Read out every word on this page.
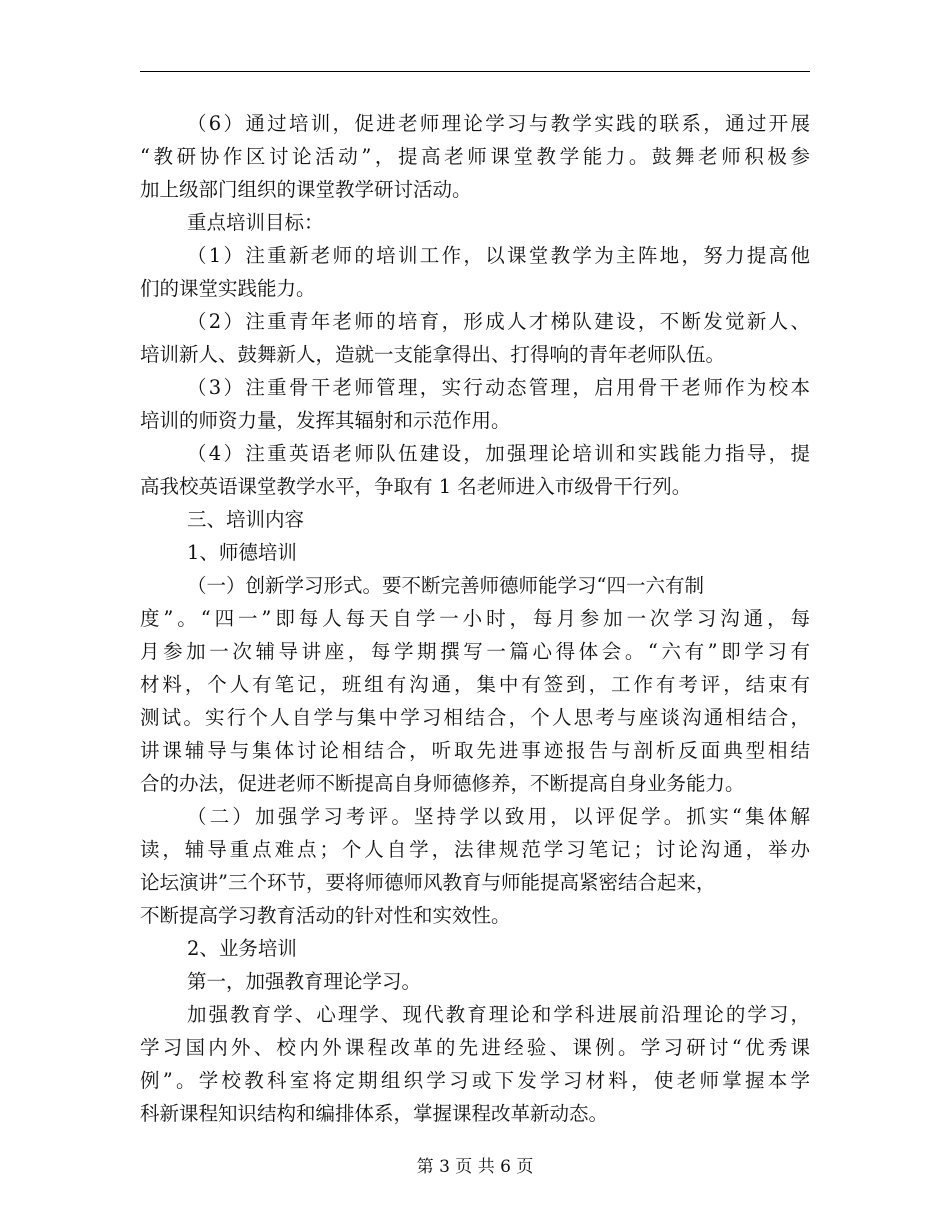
（6）通过培训，促进老师理论学习与教学实践的联系，通过开展
“教研协作区讨论活动”，提高老师课堂教学能力。鼓舞老师积极参
加上级部门组织的课堂教学研讨活动。
重点培训目标：
（1）注重新老师的培训工作，以课堂教学为主阵地，努力提高他
们的课堂实践能力。
（2）注重青年老师的培育，形成人才梯队建设，不断发觉新人、
培训新人、鼓舞新人，造就一支能拿得出、打得响的青年老师队伍。
（3）注重骨干老师管理，实行动态管理，启用骨干老师作为校本
培训的师资力量，发挥其辐射和示范作用。
（4）注重英语老师队伍建设，加强理论培训和实践能力指导，提
高我校英语课堂教学水平，争取有 1 名老师进入市级骨干行列。
三、培训内容
1、师德培训
（一）创新学习形式。要不断完善师德师能学习“四一六有制
度”。“四一”即每人每天自学一小时，每月参加一次学习沟通，每
月参加一次辅导讲座，每学期撰写一篇心得体会。“六有”即学习有
材料，个人有笔记，班组有沟通，集中有签到，工作有考评，结束有
测试。实行个人自学与集中学习相结合，个人思考与座谈沟通相结合，
讲课辅导与集体讨论相结合，听取先进事迹报告与剖析反面典型相结
合的办法，促进老师不断提高自身师德修养，不断提高自身业务能力。
（二）加强学习考评。坚持学以致用，以评促学。抓实“集体解
读，辅导重点难点；个人自学，法律规范学习笔记；讨论沟通，举办
论坛演讲”三个环节，要将师德师风教育与师能提高紧密结合起来，
不断提高学习教育活动的针对性和实效性。
2、业务培训
第一，加强教育理论学习。
加强教育学、心理学、现代教育理论和学科进展前沿理论的学习，
学习国内外、校内外课程改革的先进经验、课例。学习研讨“优秀课
例”。学校教科室将定期组织学习或下发学习材料，使老师掌握本学
科新课程知识结构和编排体系，掌握课程改革新动态。
第 3 页 共 6 页
